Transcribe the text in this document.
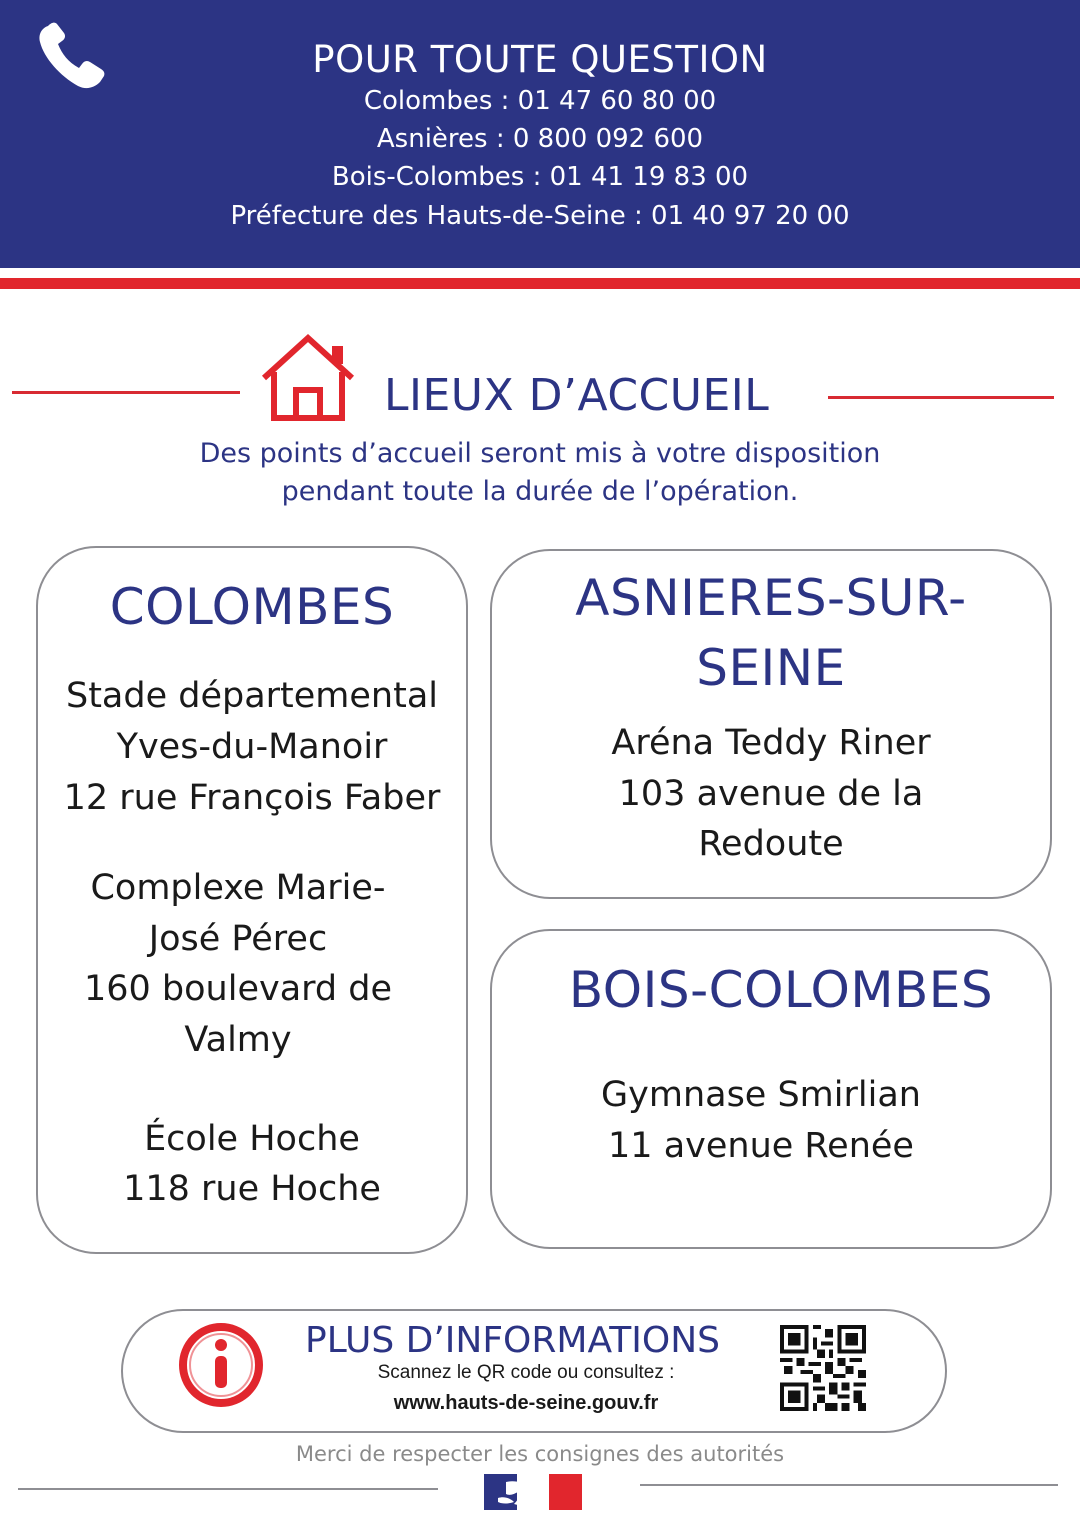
POUR TOUTE QUESTION
Colombes : 01 47 60 80 00
Asnières : 0 800 092 600
Bois-Colombes : 01 41 19 83 00
Préfecture des Hauts-de-Seine : 01 40 97 20 00
LIEUX D’ACCUEIL
Des points d’accueil seront mis à votre disposition
pendant toute la durée de l’opération.
COLOMBES
Stade départemental
Yves-du-Manoir
12 rue François Faber
Complexe Marie-
José Pérec
160 boulevard de
Valmy
École Hoche
118 rue Hoche
ASNIERES-SUR-
SEINE
Aréna Teddy Riner
103 avenue de la
Redoute
BOIS-COLOMBES
Gymnase Smirlian
11 avenue Renée
PLUS D’INFORMATIONS
Scannez le QR code ou consultez :
www.hauts-de-seine.gouv.fr
Merci de respecter les consignes des autorités
